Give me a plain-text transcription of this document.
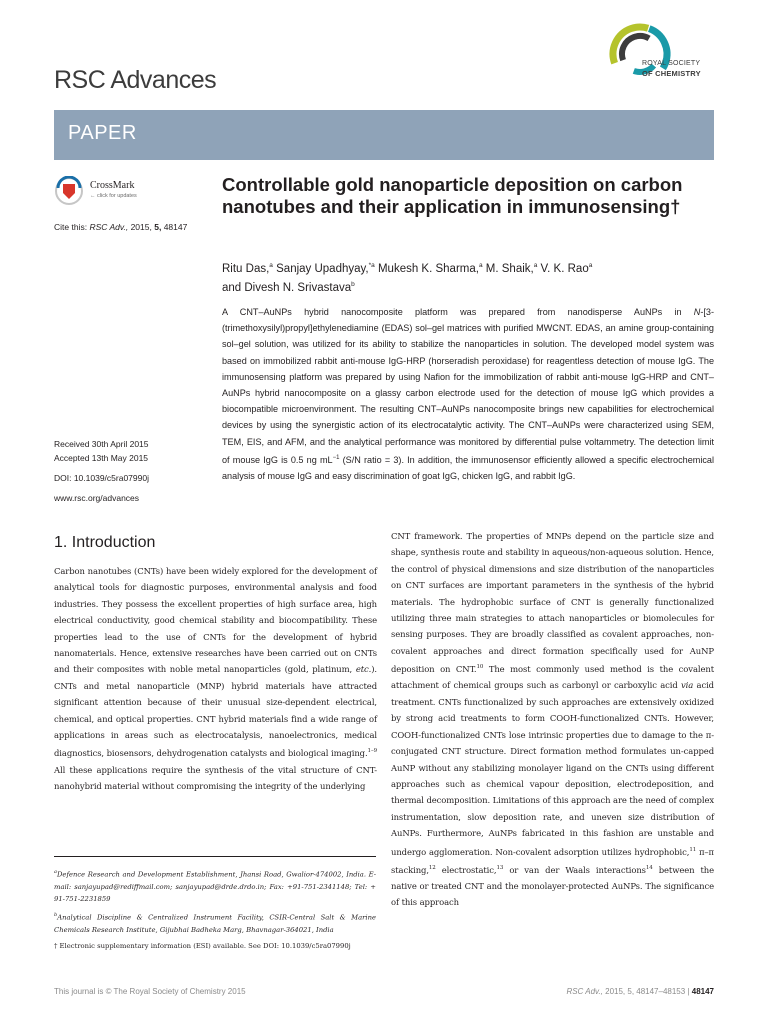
RSC Advances
ROYAL SOCIETY
OF CHEMISTRY
PAPER
CrossMark
← click for updates
Cite this: RSC Adv., 2015, 5, 48147
Controllable gold nanoparticle deposition on carbon nanotubes and their application in immunosensing†
Ritu Das,$^a$ Sanjay Upadhyay,$^{*a}$ Mukesh K. Sharma,$^a$ M. Shaik,$^a$ V. K. Rao$^a$
and Divesh N. Srivastava$^b$
A CNT–AuNPs hybrid nanocomposite platform was prepared from nanodisperse AuNPs in N-[3-(trimethoxysilyl)propyl]ethylenediamine (EDAS) sol–gel matrices with purified MWCNT. EDAS, an amine group-containing sol–gel solution, was utilized for its ability to stabilize the nanoparticles in solution. The developed model system was based on immobilized rabbit anti-mouse IgG-HRP (horseradish peroxidase) for reagentless detection of mouse IgG. The immunosensing platform was prepared by using Nafion for the immobilization of rabbit anti-mouse IgG-HRP and CNT–AuNPs hybrid nanocomposite on a glassy carbon electrode used for the detection of mouse IgG which provides a biocompatible microenvironment. The resulting CNT–AuNPs nanocomposite brings new capabilities for electrochemical devices by using the synergistic action of its electrocatalytic activity. The CNT–AuNPs were characterized using SEM, TEM, EIS, and AFM, and the analytical performance was monitored by differential pulse voltammetry. The detection limit of mouse IgG is 0.5 ng $mL^{-1}$ (S/N ratio = 3). In addition, the immunosensor efficiently allowed a specific electrochemical analysis of mouse IgG and easy discrimination of goat IgG, chicken IgG, and rabbit IgG.
Received 30th April 2015
Accepted 13th May 2015
DOI: 10.1039/c5ra07990j
www.rsc.org/advances
1. Introduction
Carbon nanotubes (CNTs) have been widely explored for the development of analytical tools for diagnostic purposes, environmental analysis and food industries. They possess the excellent properties of high surface area, high electrical conductivity, good chemical stability and biocompatibility. These properties lead to the use of CNTs for the development of hybrid nanomaterials. Hence, extensive researches have been carried out on CNTs and their composites with noble metal nanoparticles (gold, platinum, etc.). CNTs and metal nanoparticle (MNP) hybrid materials have attracted significant attention because of their unusual size-dependent electrical, chemical, and optical properties. CNT hybrid materials find a wide range of applications in areas such as electrocatalysis, nanoelectronics, medical diagnostics, biosensors, dehydrogenation catalysts and biological imaging.$^{1-9}$ All these applications require the synthesis of the vital structure of CNT-nanohybrid material without compromising the integrity of the underlying
CNT framework. The properties of MNPs depend on the particle size and shape, synthesis route and stability in aqueous/non-aqueous solution. Hence, the control of physical dimensions and size distribution of the nanoparticles on CNT surfaces are important parameters in the synthesis of the hybrid materials. The hydrophobic surface of CNT is generally functionalized utilizing three main strategies to attach nanoparticles or biomolecules for sensing purposes. They are broadly classified as covalent approaches, non-covalent approaches and direct formation specifically used for AuNP deposition on CNT.$^{10}$ The most commonly used method is the covalent attachment of chemical groups such as carbonyl or carboxylic acid via acid treatment. CNTs functionalized by such approaches are extensively oxidized by strong acid treatments to form COOH-functionalized CNTs. However, COOH-functionalized CNTs lose intrinsic properties due to damage to the π-conjugated CNT structure. Direct formation method formulates un-capped AuNP without any stabilizing monolayer ligand on the CNTs using different approaches such as chemical vapour deposition, electrodeposition, and thermal decomposition. Limitations of this approach are the need of complex instrumentation, slow deposition rate, and uneven size distribution of AuNPs. Furthermore, AuNPs fabricated in this fashion are unstable and undergo agglomeration. Non-covalent adsorption utilizes hydrophobic,$^{11}$ π–π stacking,$^{12}$ electrostatic,$^{13}$ or van der Waals interactions$^{14}$ between the native or treated CNT and the monolayer-protected AuNPs. The significance of this approach

$^a$Defence Research and Development Establishment, Jhansi Road, Gwalior-474002, India. E-mail: sanjayupad@rediffmail.com; sanjayupad@drde.drdo.in; Fax: +91-751-2341148; Tel: + 91-751-2231859

$^b$Analytical Discipline & Centralized Instrument Facility, CSIR-Central Salt & Marine Chemicals Research Institute, Gijubhai Badheka Marg, Bhavnagar-364021, India

† Electronic supplementary information (ESI) available. See DOI: 10.1039/c5ra07990j

This journal is © The Royal Society of Chemistry 2015	RSC Adv., 2015, 5, 48147–48153 | 48147
